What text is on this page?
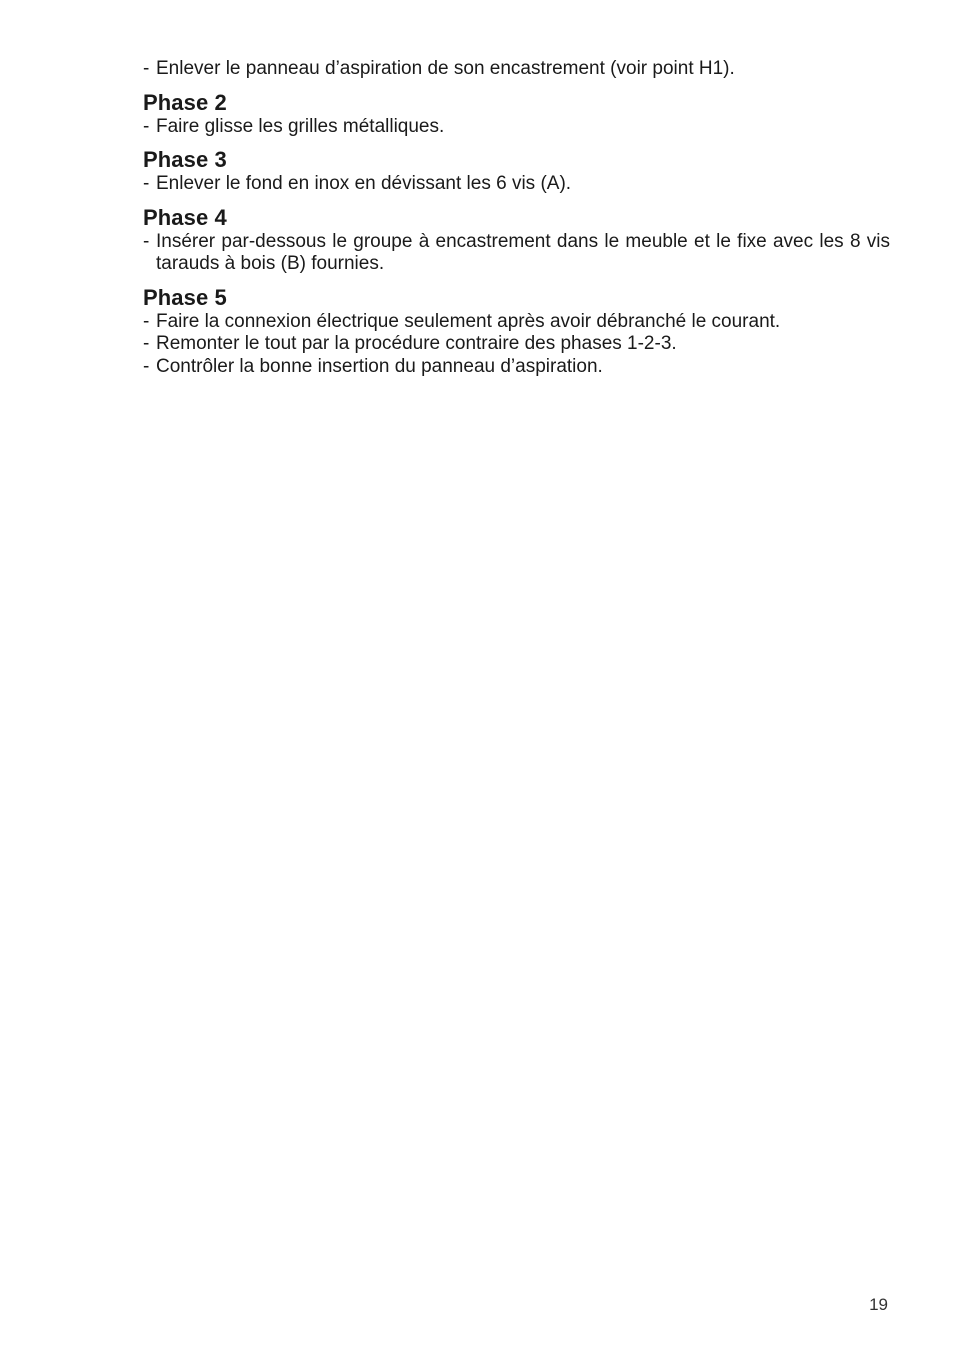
- Enlever le panneau d’aspiration de son encastrement (voir point H1).
Phase 2
- Faire glisse les grilles métalliques.
Phase 3
- Enlever le fond en inox en dévissant les 6 vis (A).
Phase 4
- Insérer par-dessous le groupe à encastrement dans le meuble et le fixe avec les 8 vis tarauds à bois (B) fournies.
Phase 5
- Faire la connexion électrique seulement après avoir débranché le courant.
- Remonter le tout par la procédure contraire des phases 1-2-3.
- Contrôler la bonne insertion du panneau d’aspiration.
19
